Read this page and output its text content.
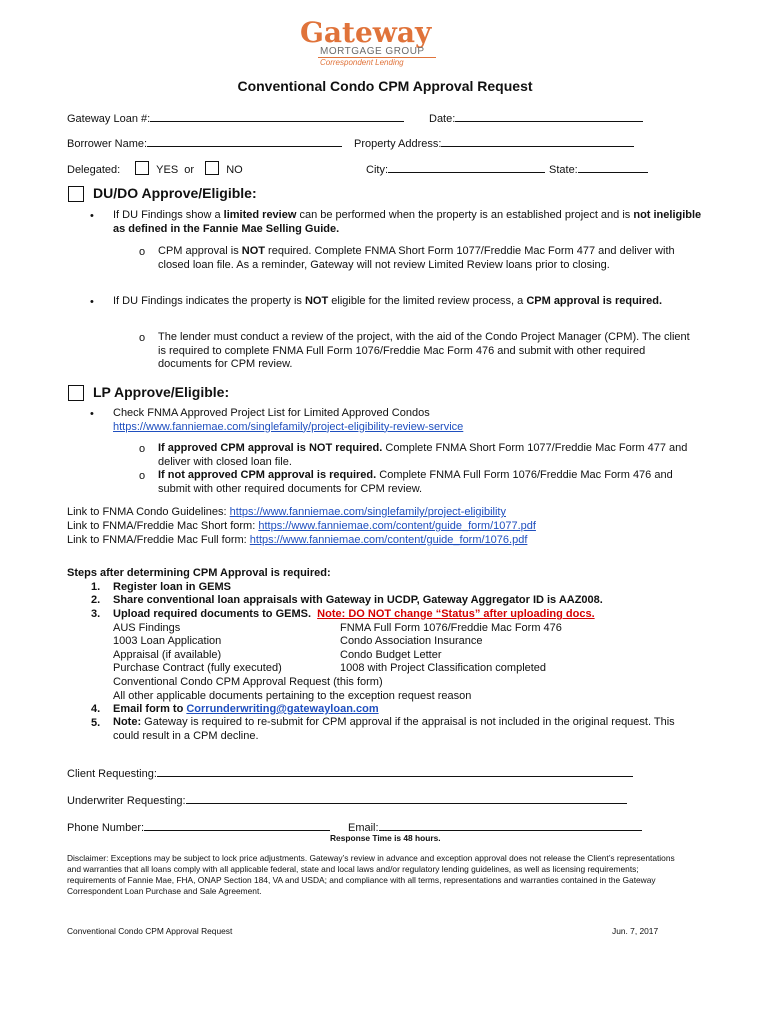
Gateway
MORTGAGE GROUP
Correspondent Lending
Conventional Condo CPM Approval Request
Gateway Loan #:	Date:
Borrower Name:	Property Address:
Delegated:	YES or	NO	City:	State:
DU/DO Approve/Eligible:
• If DU Findings show a limited review can be performed when the property is an established project and is not ineligible as defined in the Fannie Mae Selling Guide.
o CPM approval is NOT required. Complete FNMA Short Form 1077/Freddie Mac Form 477 and deliver with closed loan file. As a reminder, Gateway will not review Limited Review loans prior to closing.
• If DU Findings indicates the property is NOT eligible for the limited review process, a CPM approval is required.
o The lender must conduct a review of the project, with the aid of the Condo Project Manager (CPM). The client is required to complete FNMA Full Form 1076/Freddie Mac Form 476 and submit with other required documents for CPM review.
LP Approve/Eligible:
• Check FNMA Approved Project List for Limited Approved Condos
https://www.fanniemae.com/singlefamily/project-eligibility-review-service
o If approved CPM approval is NOT required. Complete FNMA Short Form 1077/Freddie Mac Form 477 and deliver with closed loan file.
o If not approved CPM approval is required. Complete FNMA Full Form 1076/Freddie Mac Form 476 and submit with other required documents for CPM review.
Link to FNMA Condo Guidelines: https://www.fanniemae.com/singlefamily/project-eligibility
Link to FNMA/Freddie Mac Short form: https://www.fanniemae.com/content/guide_form/1077.pdf
Link to FNMA/Freddie Mac Full form: https://www.fanniemae.com/content/guide_form/1076.pdf
Steps after determining CPM Approval is required:
1. Register loan in GEMS
2. Share conventional loan appraisals with Gateway in UCDP, Gateway Aggregator ID is AAZ008.
3. Upload required documents to GEMS. Note: DO NOT change “Status” after uploading docs.
AUS Findings	FNMA Full Form 1076/Freddie Mac Form 476
1003 Loan Application	Condo Association Insurance
Appraisal (if available)	Condo Budget Letter
Purchase Contract (fully executed)	1008 with Project Classification completed
Conventional Condo CPM Approval Request (this form)
All other applicable documents pertaining to the exception request reason
4. Email form to Corrunderwriting@gatewayloan.com
5. Note: Gateway is required to re-submit for CPM approval if the appraisal is not included in the original request. This could result in a CPM decline.
Client Requesting:
Underwriter Requesting:
Phone Number:	Email:
Response Time is 48 hours.
Disclaimer: Exceptions may be subject to lock price adjustments. Gateway’s review in advance and exception approval does not release the Client’s representations and warranties that all loans comply with all applicable federal, state and local laws and/or regulatory lending guidelines, as well as licensing requirements; requirements of Fannie Mae, FHA, ONAP Section 184, VA and USDA; and compliance with all terms, representations and warranties contained in the Gateway Correspondent Loan Purchase and Sale Agreement.
Conventional Condo CPM Approval Request	Jun. 7, 2017
